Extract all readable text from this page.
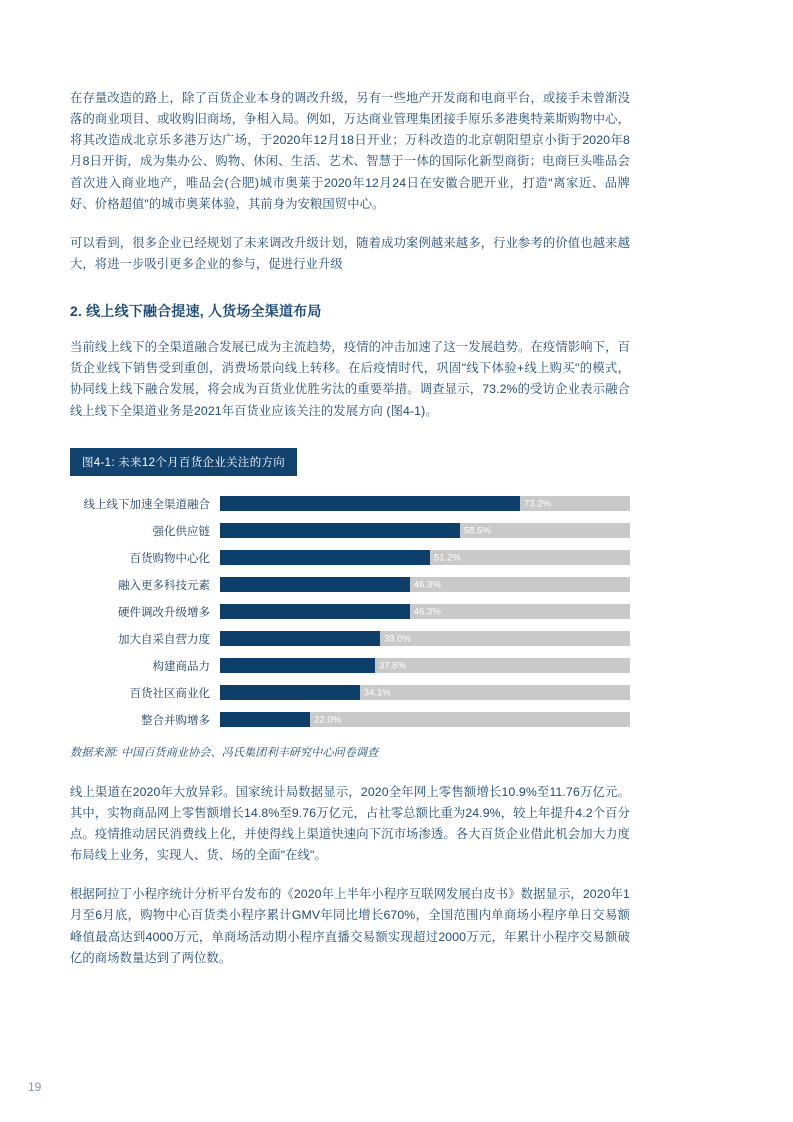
在存量改造的路上，除了百货企业本身的调改升级，另有一些地产开发商和电商平台，或接手未曾渐没落的商业项目、或收购旧商场，争相入局。例如，万达商业管理集团接手原乐多港奥特莱斯购物中心，将其改造成北京乐多港万达广场，于2020年12月18日开业；万科改造的北京朝阳望京小街于2020年8月8日开街，成为集办公、购物、休闲、生活、艺术、智慧于一体的国际化新型商街；电商巨头唯品会首次进入商业地产，唯品会(合肥)城市奥莱于2020年12月24日在安徽合肥开业，打造"离家近、品牌好、价格超值"的城市奥莱体验，其前身为安粮国贸中心。

可以看到，很多企业已经规划了未来调改升级计划，随着成功案例越来越多，行业参考的价值也越来越大，将进一步吸引更多企业的参与，促进行业升级

2. 线上线下融合提速, 人货场全渠道布局

当前线上线下的全渠道融合发展已成为主流趋势，疫情的冲击加速了这一发展趋势。在疫情影响下，百货企业线下销售受到重创，消费场景向线上转移。在后疫情时代，巩固"线下体验+线上购买"的模式，协同线上线下融合发展，将会成为百货业优胜劣汰的重要举措。调查显示，73.2%的受访企业表示融合线上线下全渠道业务是2021年百货业应该关注的发展方向 (图4-1)。

图4-1: 未来12个月百货企业关注的方向
线上线下加速全渠道融合	73.2%
强化供应链	58.5%
百货购物中心化	51.2%
融入更多科技元素	46.3%
硬件调改升级增多	46.3%
加大自采自营力度	39.0%
构建商品力	37.8%
百货社区商业化	34.1%
整合并购增多	22.0%

数据来源: 中国百货商业协会、冯氏集团利丰研究中心问卷调查

线上渠道在2020年大放异彩。国家统计局数据显示，2020全年网上零售额增长10.9%至11.76万亿元。其中，实物商品网上零售额增长14.8%至9.76万亿元，占社零总额比重为24.9%，较上年提升4.2个百分点。疫情推动居民消费线上化，并使得线上渠道快速向下沉市场渗透。各大百货企业借此机会加大力度布局线上业务，实现人、货、场的全面"在线"。

根据阿拉丁小程序统计分析平台发布的《2020年上半年小程序互联网发展白皮书》数据显示，2020年1月至6月底，购物中心百货类小程序累计GMV年同比增长670%，全国范围内单商场小程序单日交易额峰值最高达到4000万元，单商场活动期小程序直播交易额实现超过2000万元，年累计小程序交易额破亿的商场数量达到了两位数。

19
